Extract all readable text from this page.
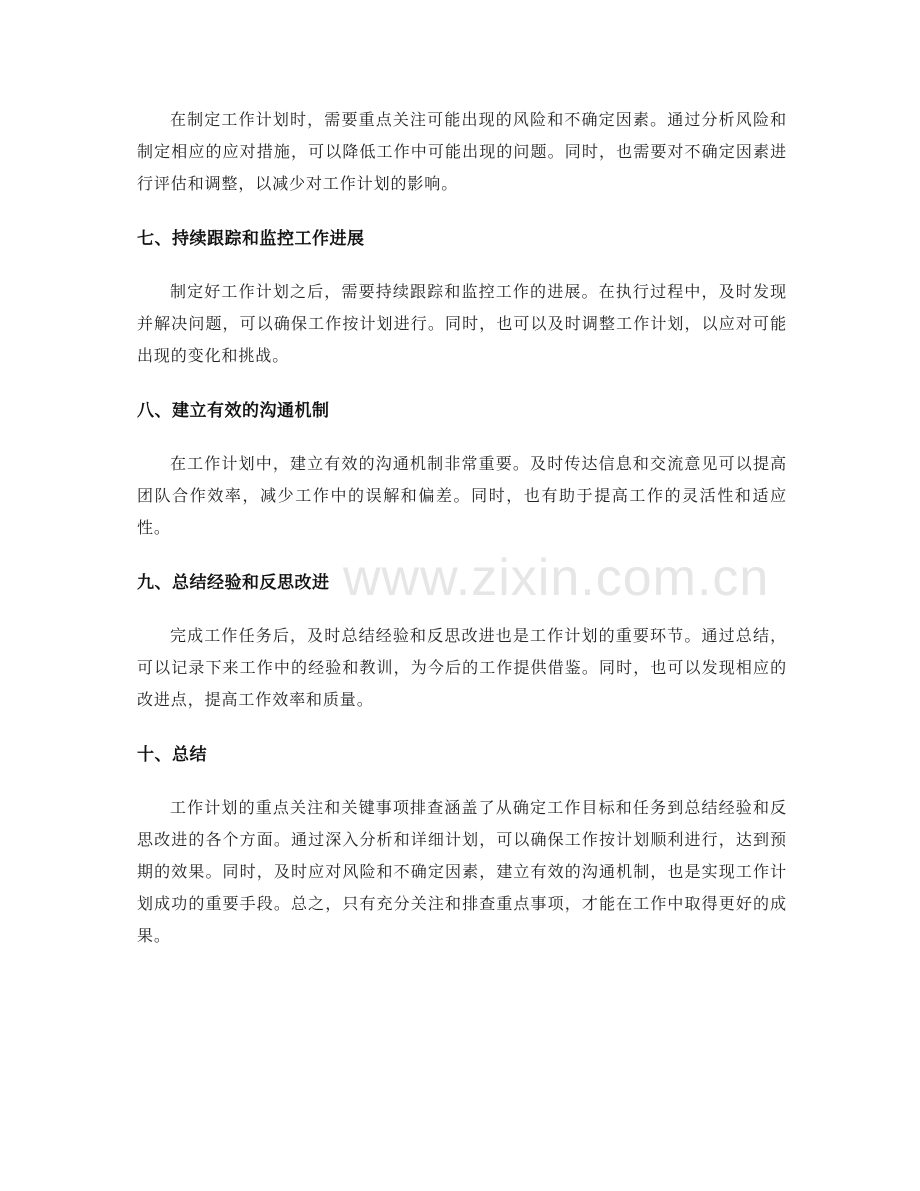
在制定工作计划时，需要重点关注可能出现的风险和不确定因素。通过分析风险和制定相应的应对措施，可以降低工作中可能出现的问题。同时，也需要对不确定因素进行评估和调整，以减少对工作计划的影响。

七、持续跟踪和监控工作进展

制定好工作计划之后，需要持续跟踪和监控工作的进展。在执行过程中，及时发现并解决问题，可以确保工作按计划进行。同时，也可以及时调整工作计划，以应对可能出现的变化和挑战。

八、建立有效的沟通机制

在工作计划中，建立有效的沟通机制非常重要。及时传达信息和交流意见可以提高团队合作效率，减少工作中的误解和偏差。同时，也有助于提高工作的灵活性和适应性。

九、总结经验和反思改进

完成工作任务后，及时总结经验和反思改进也是工作计划的重要环节。通过总结，可以记录下来工作中的经验和教训，为今后的工作提供借鉴。同时，也可以发现相应的改进点，提高工作效率和质量。

十、总结

工作计划的重点关注和关键事项排查涵盖了从确定工作目标和任务到总结经验和反思改进的各个方面。通过深入分析和详细计划，可以确保工作按计划顺利进行，达到预期的效果。同时，及时应对风险和不确定因素，建立有效的沟通机制，也是实现工作计划成功的重要手段。总之，只有充分关注和排查重点事项，才能在工作中取得更好的成果。

www.zixin.com.cn
